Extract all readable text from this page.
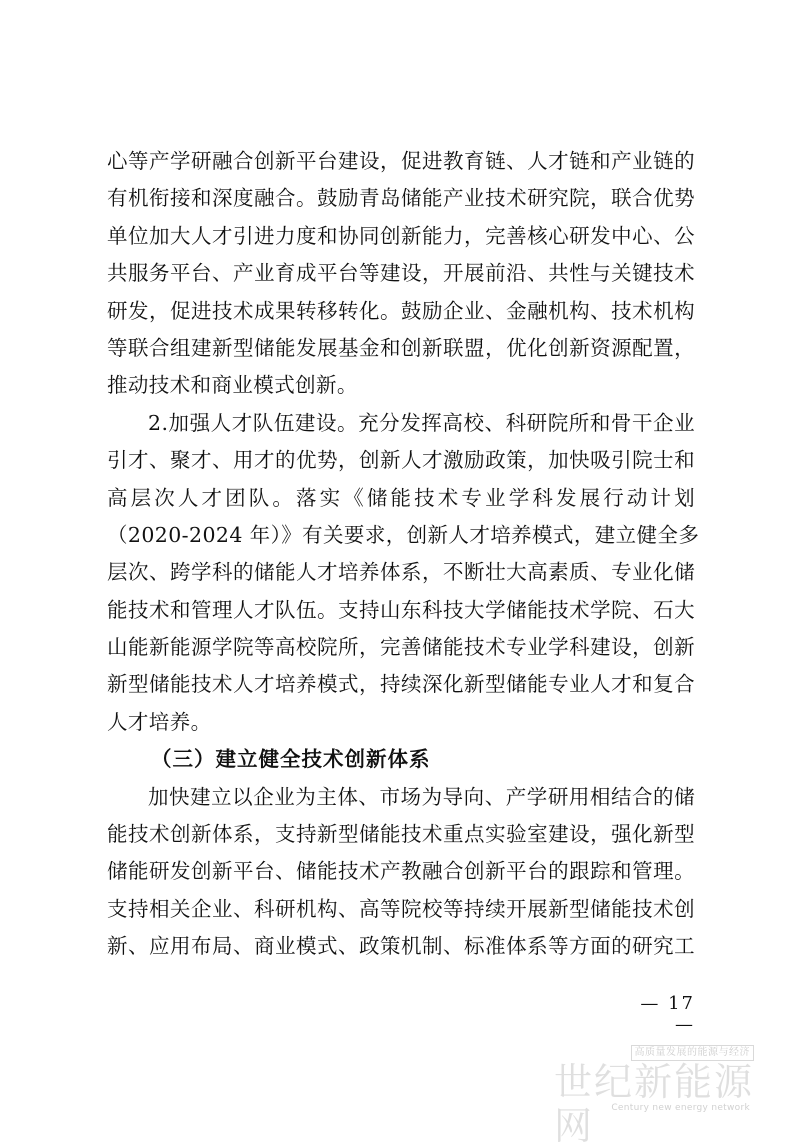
心等产学研融合创新平台建设，促进教育链、人才链和产业链的
有机衔接和深度融合。鼓励青岛储能产业技术研究院，联合优势
单位加大人才引进力度和协同创新能力，完善核心研发中心、公
共服务平台、产业育成平台等建设，开展前沿、共性与关键技术
研发，促进技术成果转移转化。鼓励企业、金融机构、技术机构
等联合组建新型储能发展基金和创新联盟，优化创新资源配置，
推动技术和商业模式创新。
2.加强人才队伍建设。充分发挥高校、科研院所和骨干企业
引才、聚才、用才的优势，创新人才激励政策，加快吸引院士和
高层次人才团队。落实《储能技术专业学科发展行动计划
（2020-2024 年）》有关要求，创新人才培养模式，建立健全多
层次、跨学科的储能人才培养体系，不断壮大高素质、专业化储
能技术和管理人才队伍。支持山东科技大学储能技术学院、石大
山能新能源学院等高校院所，完善储能技术专业学科建设，创新
新型储能技术人才培养模式，持续深化新型储能专业人才和复合
人才培养。
（三）建立健全技术创新体系
加快建立以企业为主体、市场为导向、产学研用相结合的储
能技术创新体系，支持新型储能技术重点实验室建设，强化新型
储能研发创新平台、储能技术产教融合创新平台的跟踪和管理。
支持相关企业、科研机构、高等院校等持续开展新型储能技术创
新、应用布局、商业模式、政策机制、标准体系等方面的研究工
— 17 —
高质量发展的能源与经济
世纪新能源网	Century new energy network
